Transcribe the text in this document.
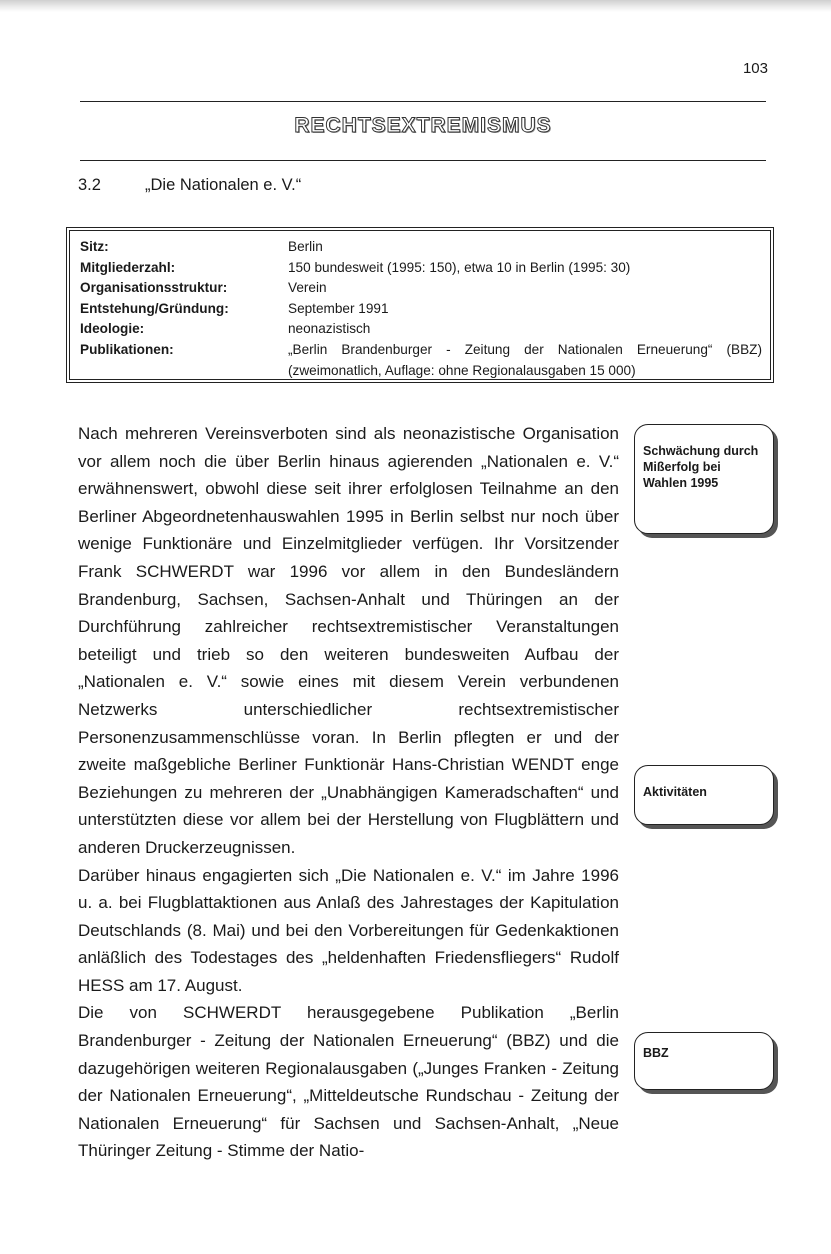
103
RECHTSEXTREMISMUS
3.2	„Die Nationalen e. V.“
Sitz:	Berlin
Mitgliederzahl:	150 bundesweit (1995: 150), etwa 10 in Berlin (1995: 30)
Organisationsstruktur:	Verein
Entstehung/Gründung:	September 1991
Ideologie:	neonazistisch
Publikationen:	„Berlin Brandenburger - Zeitung der Nationalen Erneuerung“ (BBZ) (zweimonatlich, Auflage: ohne Regionalausgaben 15 000)

Nach mehreren Vereinsverboten sind als neonazistische Organisation vor allem noch die über Berlin hinaus agierenden „Nationalen e. V.“ erwähnenswert, obwohl diese seit ihrer erfolglosen Teilnahme an den Berliner Abgeordnetenhauswahlen 1995 in Berlin selbst nur noch über wenige Funktionäre und Einzelmitglieder verfügen. Ihr Vorsitzender Frank SCHWERDT war 1996 vor allem in den Bundesländern Brandenburg, Sachsen, Sachsen-Anhalt und Thüringen an der Durchführung zahlreicher rechtsextremistischer Veranstaltungen beteiligt und trieb so den weiteren bundesweiten Aufbau der „Nationalen e. V.“ sowie eines mit diesem Verein verbundenen Netzwerks unterschiedlicher rechtsextremistischer Personenzusammenschlüsse voran. In Berlin pflegten er und der zweite maßgebliche Berliner Funktionär Hans-Christian WENDT enge Beziehungen zu mehreren der „Unabhängigen Kameradschaften“ und unterstützten diese vor allem bei der Herstellung von Flugblättern und anderen Druckerzeugnissen.

Darüber hinaus engagierten sich „Die Nationalen e. V.“ im Jahre 1996 u. a. bei Flugblattaktionen aus Anlaß des Jahrestages der Kapitulation Deutschlands (8. Mai) und bei den Vorbereitungen für Gedenkaktionen anläßlich des Todestages des „heldenhaften Friedensfliegers“ Rudolf HESS am 17. August.

Die von SCHWERDT herausgegebene Publikation „Berlin Brandenburger - Zeitung der Nationalen Erneuerung“ (BBZ) und die dazugehörigen weiteren Regionalausgaben („Junges Franken - Zeitung der Nationalen Erneuerung“, „Mitteldeutsche Rundschau - Zeitung der Nationalen Erneuerung“ für Sachsen und Sachsen-Anhalt, „Neue Thüringer Zeitung - Stimme der Natio-

Schwächung durch Mißerfolg bei Wahlen 1995
Aktivitäten
BBZ
